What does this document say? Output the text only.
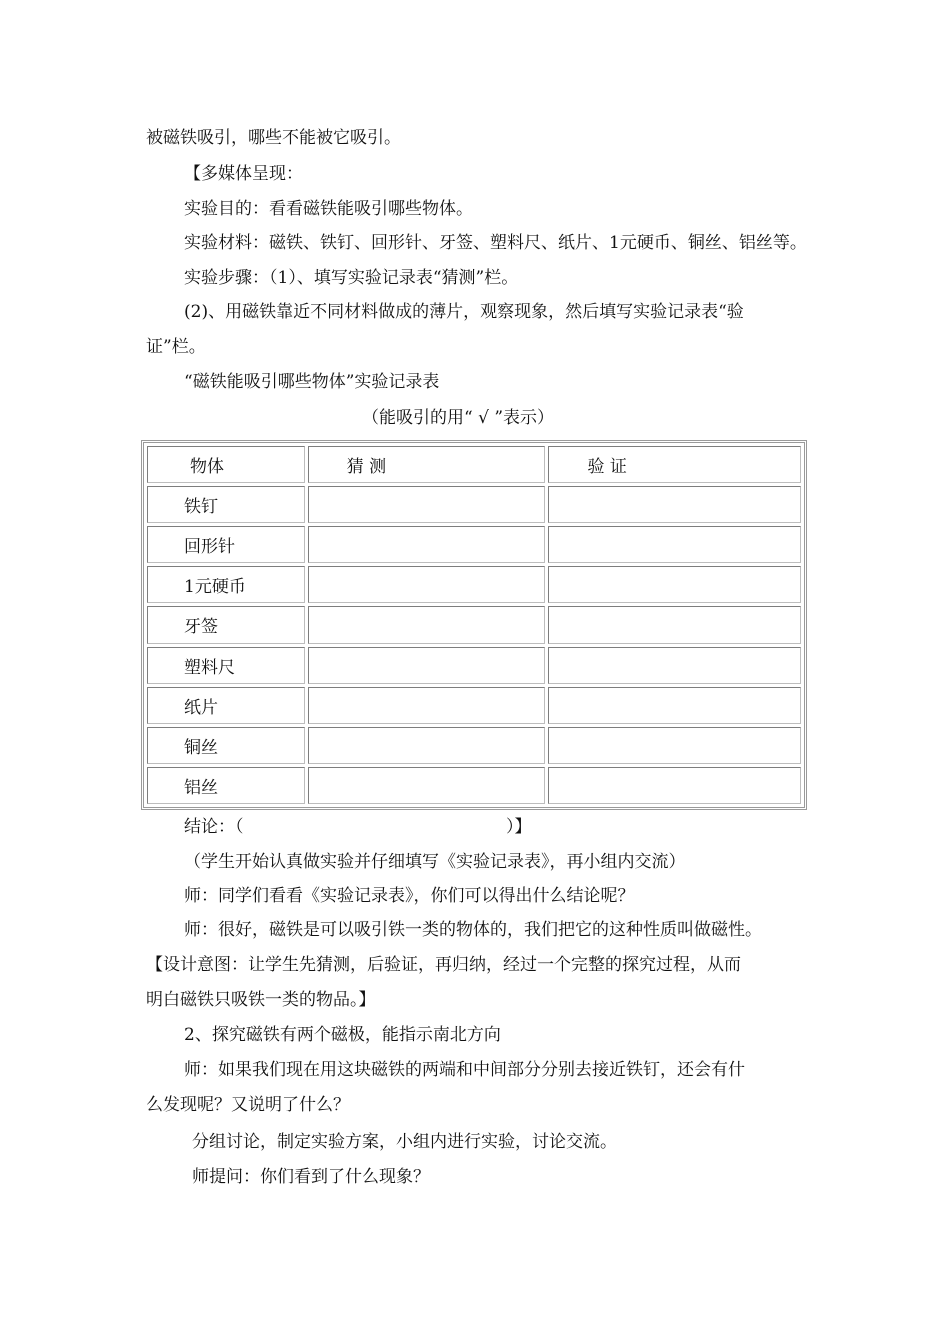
被磁铁吸引，哪些不能被它吸引。
【多媒体呈现：
实验目的：看看磁铁能吸引哪些物体。
实验材料：磁铁、铁钉、回形针、牙签、塑料尺、纸片、1元硬币、铜丝、铝丝等。
实验步骤：（1）、填写实验记录表“猜测”栏。
(2)、用磁铁靠近不同材料做成的薄片，观察现象，然后填写实验记录表“验
证”栏。
“磁铁能吸引哪些物体”实验记录表
（能吸引的用“ √ ”表示）
物体	猜 测	验 证
铁钉		
回形针		
1元硬币		
牙签		
塑料尺		
纸片		
铜丝		
铝丝		
结论：（	）】
（学生开始认真做实验并仔细填写《实验记录表》，再小组内交流）
师：同学们看看《实验记录表》，你们可以得出什么结论呢？
师：很好，磁铁是可以吸引铁一类的物体的，我们把它的这种性质叫做磁性。
【设计意图：让学生先猜测，后验证，再归纳，经过一个完整的探究过程，从而
明白磁铁只吸铁一类的物品。】
2、探究磁铁有两个磁极，能指示南北方向
师：如果我们现在用这块磁铁的两端和中间部分分别去接近铁钉，还会有什
么发现呢？又说明了什么？
分组讨论，制定实验方案，小组内进行实验，讨论交流。
师提问：你们看到了什么现象？
